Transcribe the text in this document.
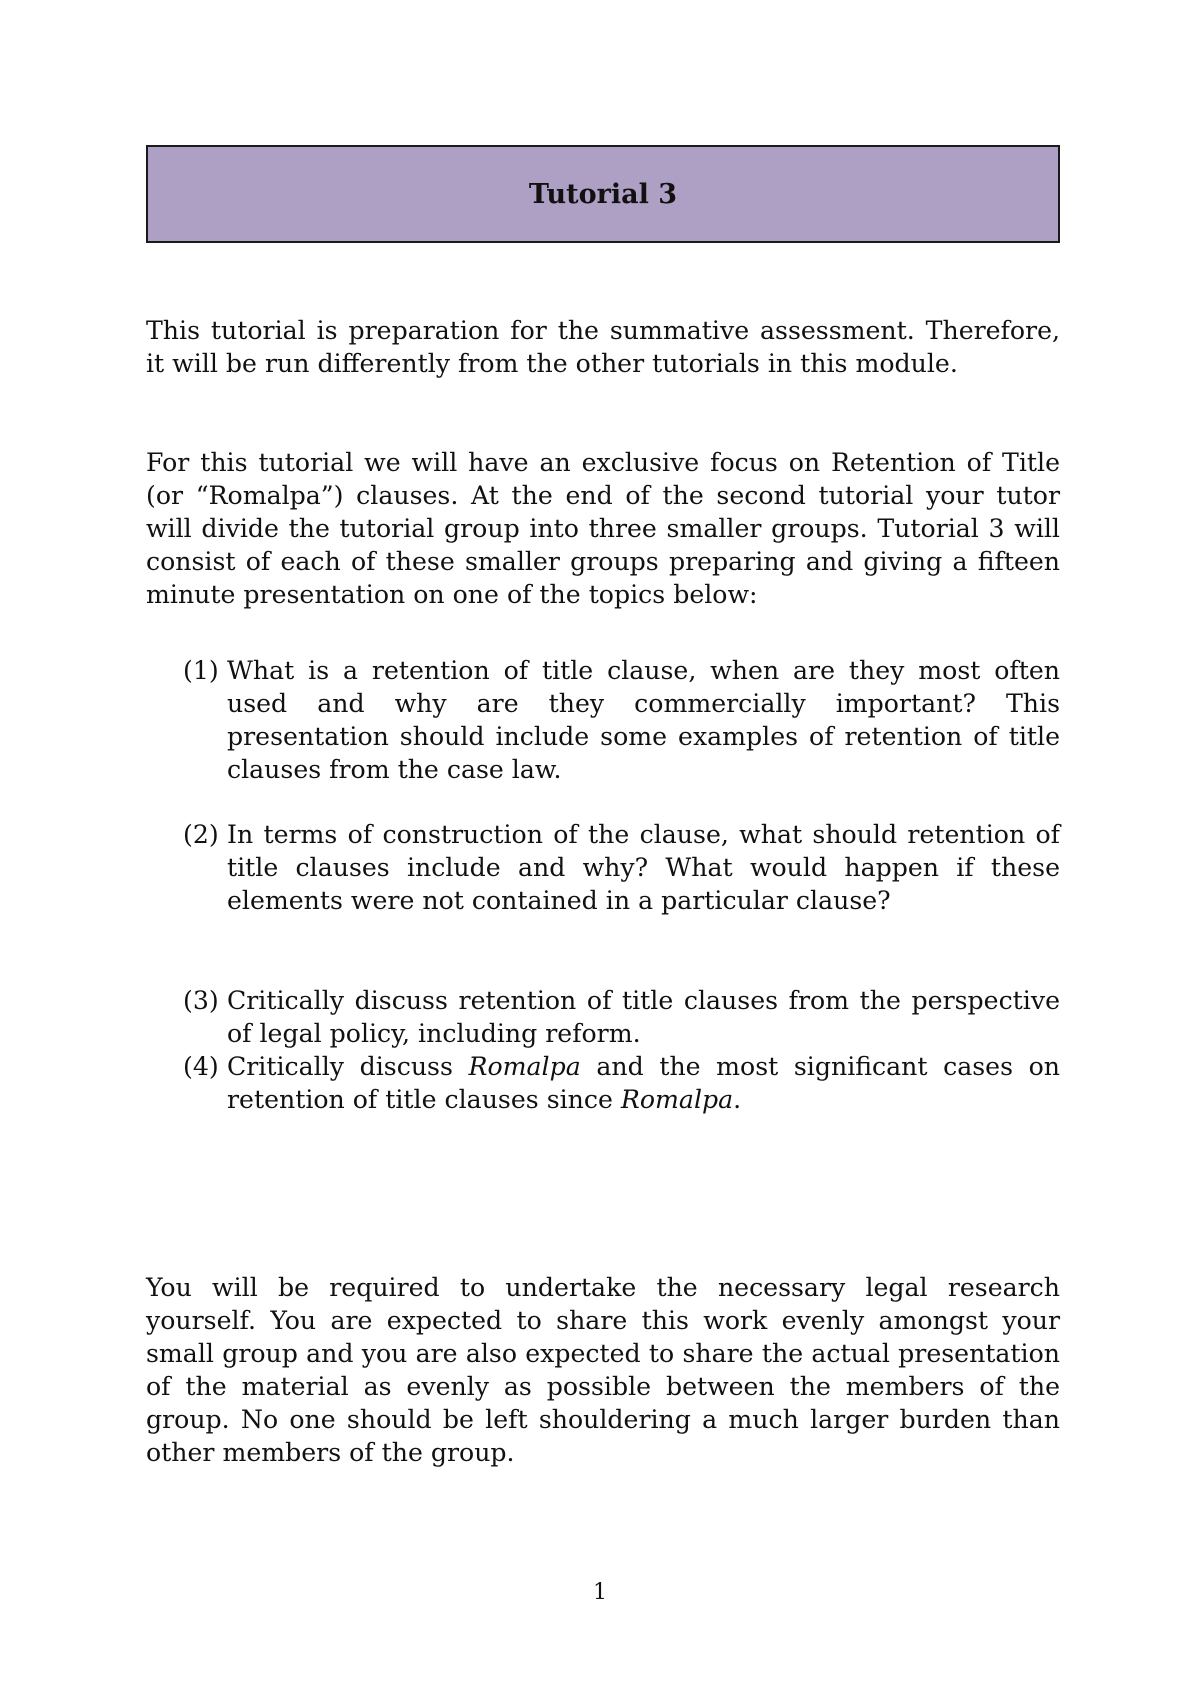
Tutorial 3

This tutorial is preparation for the summative assessment. Therefore, it will be run differently from the other tutorials in this module.

For this tutorial we will have an exclusive focus on Retention of Title (or “Romalpa”) clauses. At the end of the second tutorial your tutor will divide the tutorial group into three smaller groups. Tutorial 3 will consist of each of these smaller groups preparing and giving a fifteen minute presentation on one of the topics below:

(1) What is a retention of title clause, when are they most often used and why are they commercially important? This presentation should include some examples of retention of title clauses from the case law.
(2) In terms of construction of the clause, what should retention of title clauses include and why? What would happen if these elements were not contained in a particular clause?
(3) Critically discuss retention of title clauses from the perspective of legal policy, including reform.
(4) Critically discuss Romalpa and the most significant cases on retention of title clauses since Romalpa.

You will be required to undertake the necessary legal research yourself. You are expected to share this work evenly amongst your small group and you are also expected to share the actual presentation of the material as evenly as possible between the members of the group. No one should be left shouldering a much larger burden than other members of the group.

1
